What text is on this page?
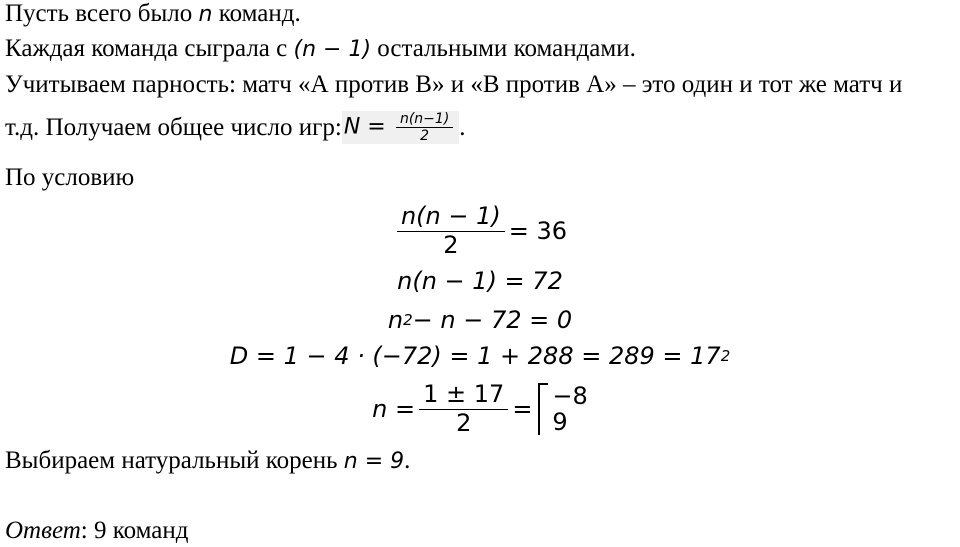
Пусть всего было n команд.
Каждая команда сыграла с (n − 1) остальными командами.
Учитываем парность: матч «А против В» и «В против А» – это один и тот же матч и
т.д. Получаем общее число игр: $N = \frac{n(n-1)}{2}$ .
По условию
$\frac{n(n - 1)}{2} = 36$
n(n − 1) = 72
n 2 − n − 72 = 0
D = 1 − 4 · (−72) = 1 + 288 = 289 = 17 2
$n = \frac{1 \pm 17}{2} = -8$
9
Выбираем натуральный корень n = 9.
Ответ: 9 команд
